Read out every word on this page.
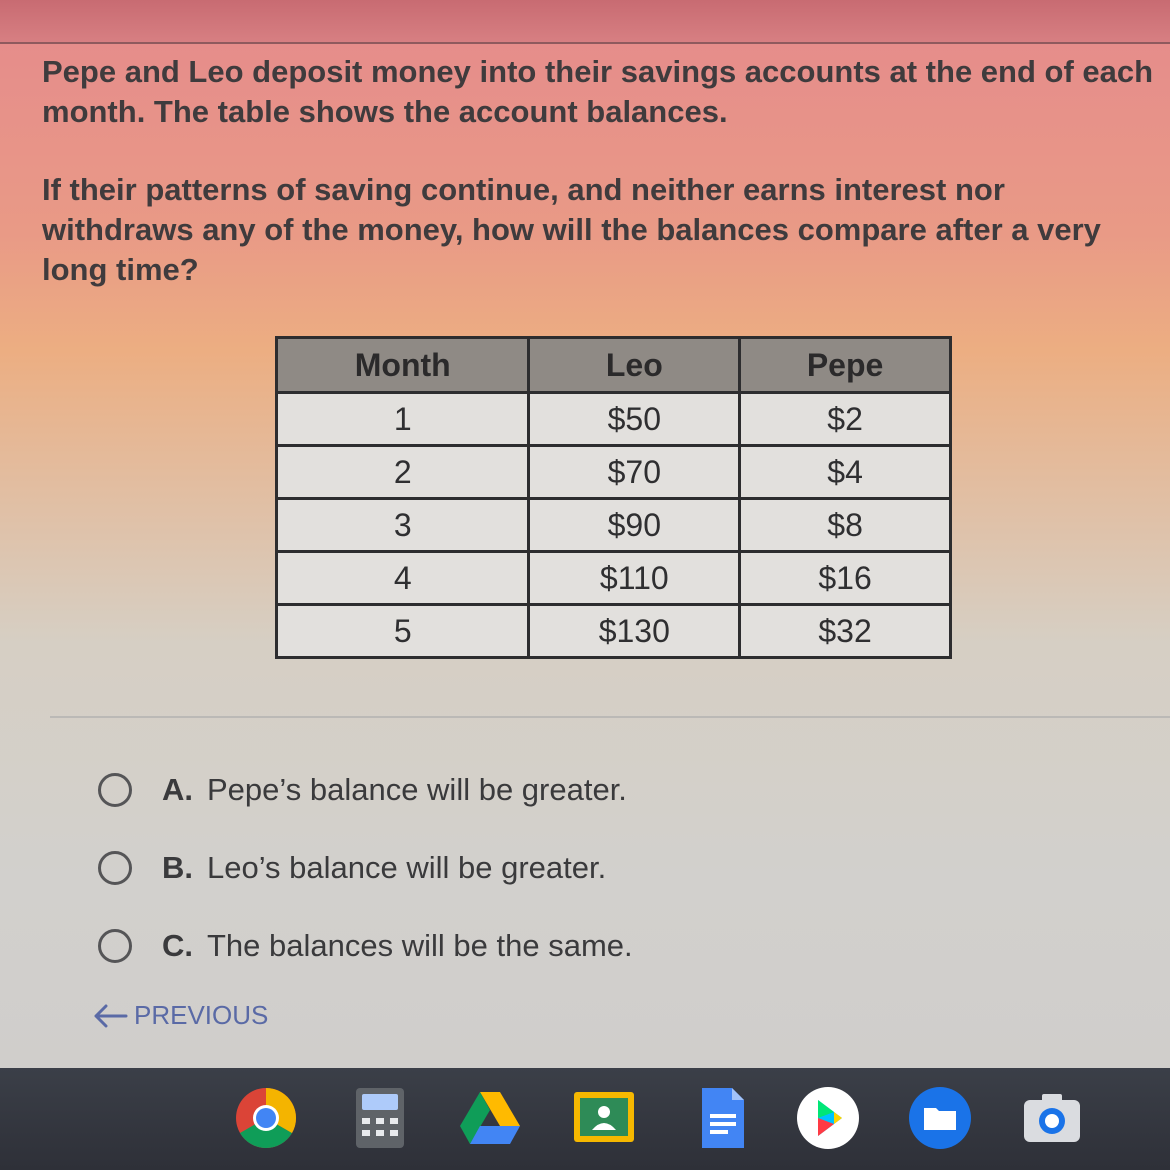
Pepe and Leo deposit money into their savings accounts at the end of each month. The table shows the account balances.

If their patterns of saving continue, and neither earns interest nor withdraws any of the money, how will the balances compare after a very long time?

Month	Leo	Pepe
1	$50	$2
2	$70	$4
3	$90	$8
4	$110	$16
5	$130	$32
A. Pepe’s balance will be greater.
B. Leo’s balance will be greater.
C. The balances will be the same.
PREVIOUS
